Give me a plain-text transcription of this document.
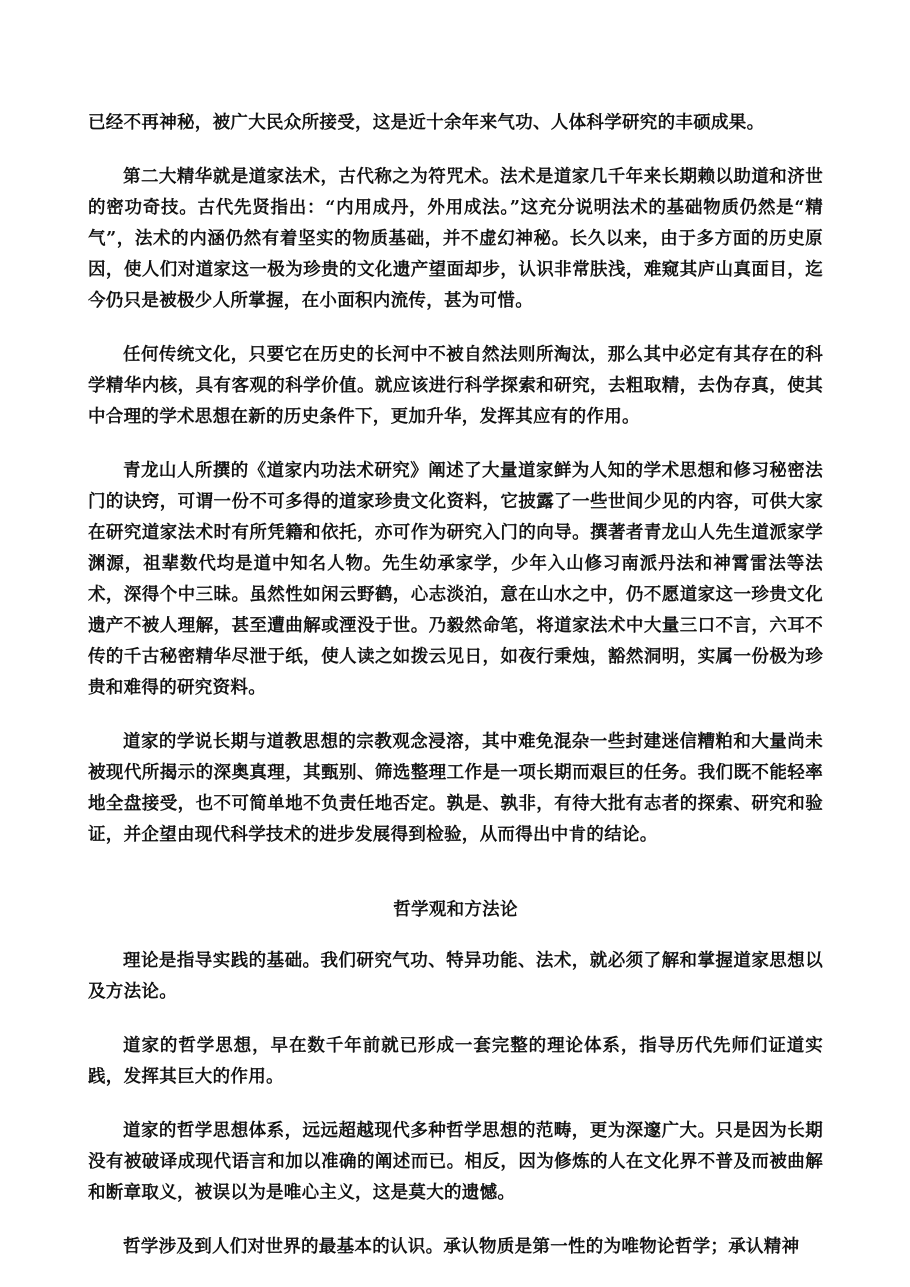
已经不再神秘，被广大民众所接受，这是近十余年来气功、人体科学研究的丰硕成果。

第二大精华就是道家法术，古代称之为符咒术。法术是道家几千年来长期赖以助道和济世的密功奇技。古代先贤指出：“内用成丹，外用成法。”这充分说明法术的基础物质仍然是“精气”，法术的内涵仍然有着坚实的物质基础，并不虚幻神秘。长久以来，由于多方面的历史原因，使人们对道家这一极为珍贵的文化遗产望面却步，认识非常肤浅，难窥其庐山真面目，迄今仍只是被极少人所掌握，在小面积内流传，甚为可惜。

任何传统文化，只要它在历史的长河中不被自然法则所淘汰，那么其中必定有其存在的科学精华内核，具有客观的科学价值。就应该进行科学探索和研究，去粗取精，去伪存真，使其中合理的学术思想在新的历史条件下，更加升华，发挥其应有的作用。

青龙山人所撰的《道家内功法术研究》阐述了大量道家鲜为人知的学术思想和修习秘密法门的诀窍，可谓一份不可多得的道家珍贵文化资料，它披露了一些世间少见的内容，可供大家在研究道家法术时有所凭籍和依托，亦可作为研究入门的向导。撰著者青龙山人先生道派家学渊源，祖辈数代均是道中知名人物。先生幼承家学，少年入山修习南派丹法和神霄雷法等法术，深得个中三昧。虽然性如闲云野鹤，心志淡泊，意在山水之中，仍不愿道家这一珍贵文化遗产不被人理解，甚至遭曲解或湮没于世。乃毅然命笔，将道家法术中大量三口不言，六耳不传的千古秘密精华尽泄于纸，使人读之如拨云见日，如夜行秉烛，豁然洞明，实属一份极为珍贵和难得的研究资料。

道家的学说长期与道教思想的宗教观念浸溶，其中难免混杂一些封建迷信糟粕和大量尚未被现代所揭示的深奥真理，其甄别、筛选整理工作是一项长期而艰巨的任务。我们既不能轻率地全盘接受，也不可简单地不负责任地否定。孰是、孰非，有待大批有志者的探索、研究和验证，并企望由现代科学技术的进步发展得到检验，从而得出中肯的结论。

哲学观和方法论

理论是指导实践的基础。我们研究气功、特异功能、法术，就必须了解和掌握道家思想以及方法论。

道家的哲学思想，早在数千年前就已形成一套完整的理论体系，指导历代先师们证道实践，发挥其巨大的作用。

道家的哲学思想体系，远远超越现代多种哲学思想的范畴，更为深邃广大。只是因为长期没有被破译成现代语言和加以准确的阐述而已。相反，因为修炼的人在文化界不普及而被曲解和断章取义，被误以为是唯心主义，这是莫大的遗憾。

哲学涉及到人们对世界的最基本的认识。承认物质是第一性的为唯物论哲学；承认精神
